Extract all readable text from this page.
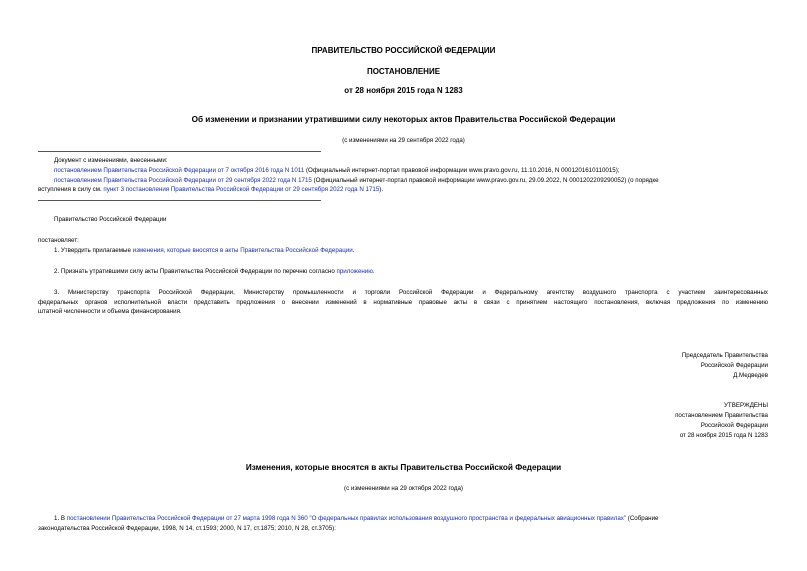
ПРАВИТЕЛЬСТВО РОССИЙСКОЙ ФЕДЕРАЦИИ
ПОСТАНОВЛЕНИЕ
от 28 ноября 2015 года N 1283
Об изменении и признании утратившими силу некоторых актов Правительства Российской Федерации
(с изменениями на 29 сентября 2022 года)
Документ с изменениями, внесенными:
постановлением Правительства Российской Федерации от 7 октября 2016 года N 1011 (Официальный интернет-портал правовой информации www.pravo.gov.ru, 11.10.2016, N 0001201610110015);
постановлением Правительства Российской Федерации от 29 сентября 2022 года N 1715 (Официальный интернет-портал правовой информации www.pravo.gov.ru, 29.09.2022, N 0001202209290052) (о порядке
вступления в силу см. пункт 3 постановления Правительства Российской Федерации от 29 сентября 2022 года N 1715).
Правительство Российской Федерации
постановляет:
1. Утвердить прилагаемые изменения, которые вносятся в акты Правительства Российской Федерации.
2. Признать утратившими силу акты Правительства Российской Федерации по перечню согласно приложению.
3. Министерству транспорта Российской Федерации, Министерству промышленности и торговли Российской Федерации и Федеральному агентству воздушного транспорта с участием заинтересованных
федеральных органов исполнительной власти представить предложения о внесении изменений в нормативные правовые акты в связи с принятием настоящего постановления, включая предложения по изменению
штатной численности и объема финансирования.
Председатель Правительства
Российской Федерации
Д.Медведев
УТВЕРЖДЕНЫ
постановлением Правительства
Российской Федерации
от 28 ноября 2015 года N 1283
Изменения, которые вносятся в акты Правительства Российской Федерации
(с изменениями на 29 октября 2022 года)
1. В постановлении Правительства Российской Федерации от 27 марта 1998 года N 360 "О федеральных правилах использования воздушного пространства и федеральных авиационных правилах" (Собрание
законодательства Российской Федерации, 1998, N 14, ст.1593; 2000, N 17, ст.1875; 2010, N 28, ст.3705):
